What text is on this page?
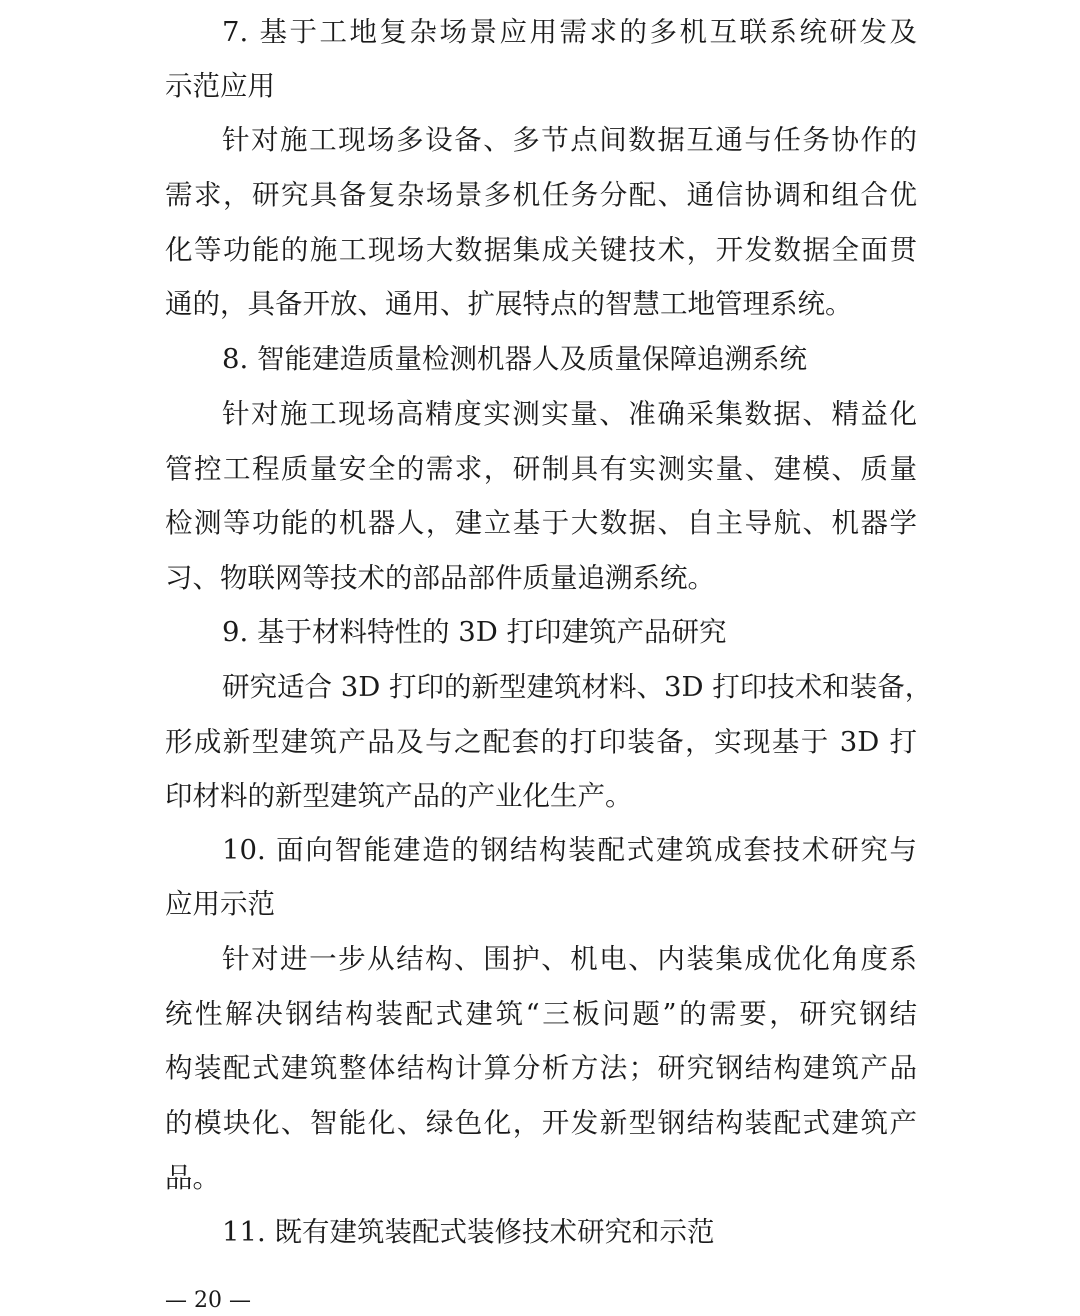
7. 基于工地复杂场景应用需求的多机互联系统研发及
示范应用
针对施工现场多设备、多节点间数据互通与任务协作的
需求，研究具备复杂场景多机任务分配、通信协调和组合优
化等功能的施工现场大数据集成关键技术，开发数据全面贯
通的，具备开放、通用、扩展特点的智慧工地管理系统。
8. 智能建造质量检测机器人及质量保障追溯系统
针对施工现场高精度实测实量、准确采集数据、精益化
管控工程质量安全的需求，研制具有实测实量、建模、质量
检测等功能的机器人，建立基于大数据、自主导航、机器学
习、物联网等技术的部品部件质量追溯系统。
9. 基于材料特性的 3D 打印建筑产品研究
研究适合 3D 打印的新型建筑材料、3D 打印技术和装备，
形成新型建筑产品及与之配套的打印装备，实现基于 3D 打
印材料的新型建筑产品的产业化生产。
10. 面向智能建造的钢结构装配式建筑成套技术研究与
应用示范
针对进一步从结构、围护、机电、内装集成优化角度系
统性解决钢结构装配式建筑“三板问题”的需要，研究钢结
构装配式建筑整体结构计算分析方法；研究钢结构建筑产品
的模块化、智能化、绿色化，开发新型钢结构装配式建筑产
品。
11. 既有建筑装配式装修技术研究和示范
— 20 —
